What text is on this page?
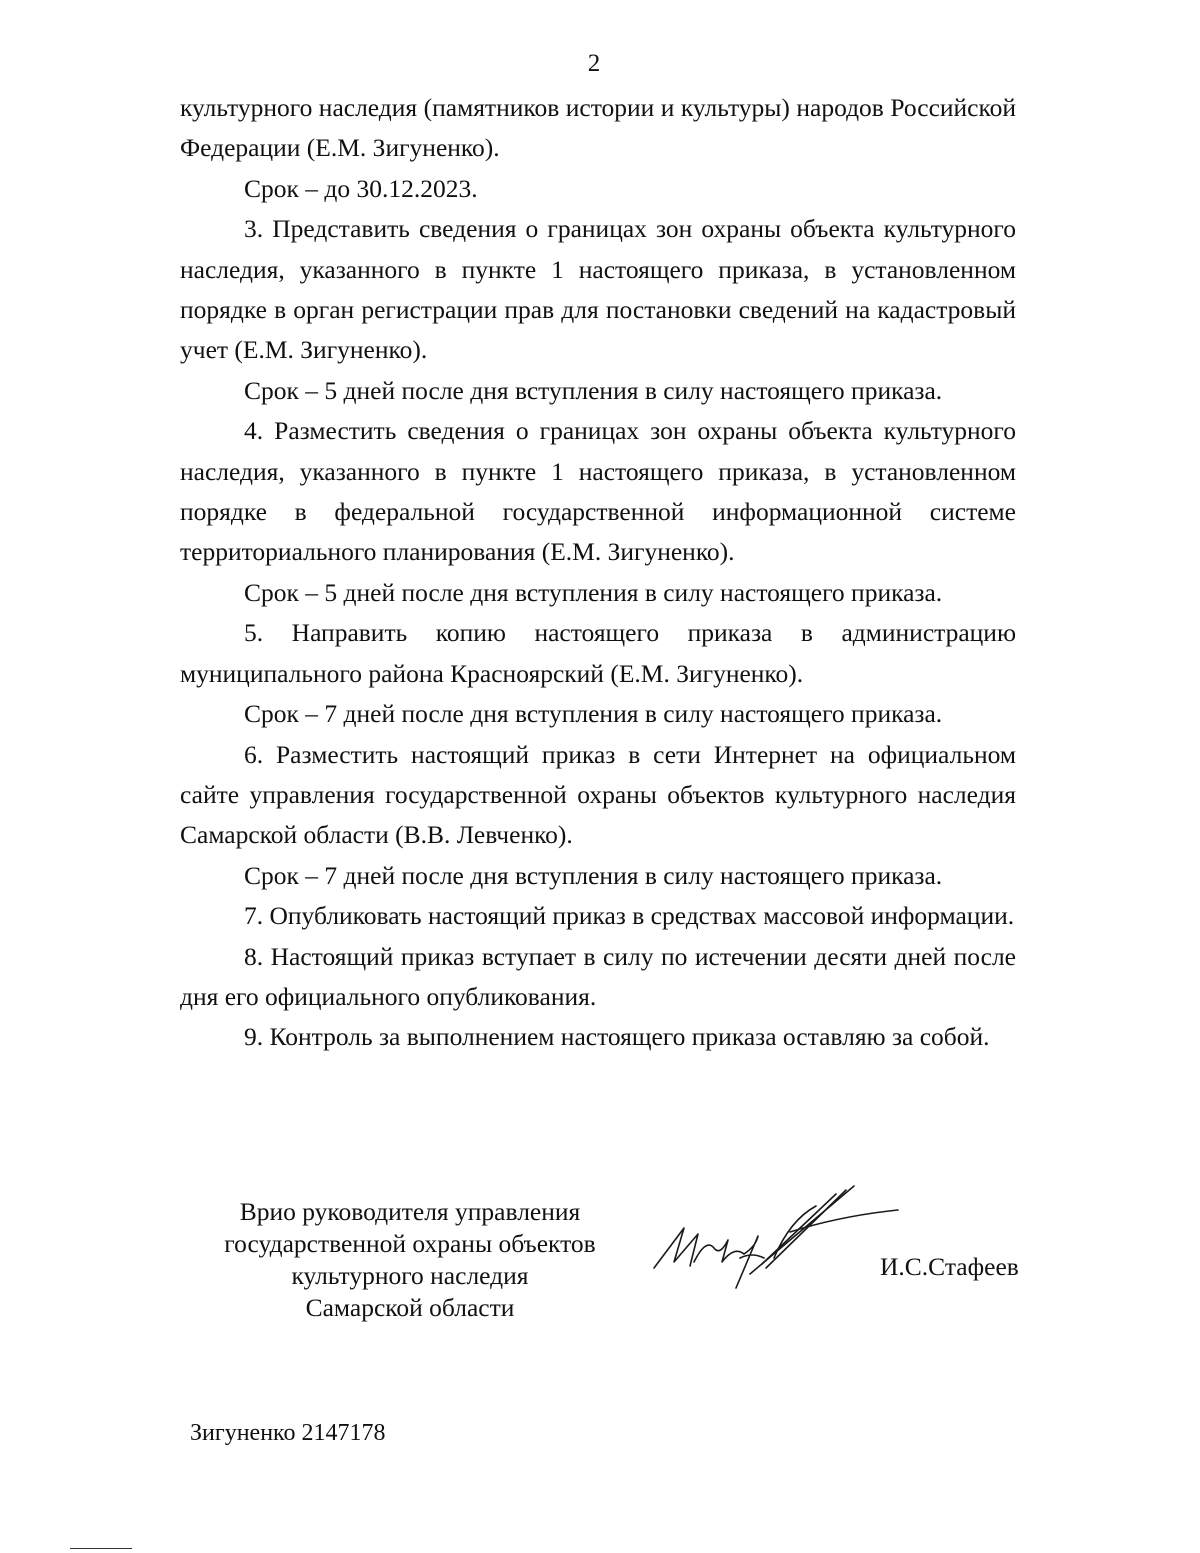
2

культурного наследия (памятников истории и культуры) народов Российской Федерации (Е.М. Зигуненко).

Срок – до 30.12.2023.

3. Представить сведения о границах зон охраны объекта культурного наследия, указанного в пункте 1 настоящего приказа, в установленном порядке в орган регистрации прав для постановки сведений на кадастровый учет (Е.М. Зигуненко).

Срок – 5 дней после дня вступления в силу настоящего приказа.

4. Разместить сведения о границах зон охраны объекта культурного наследия, указанного в пункте 1 настоящего приказа, в установленном порядке в федеральной государственной информационной системе территориального планирования (Е.М. Зигуненко).

Срок – 5 дней после дня вступления в силу настоящего приказа.

5. Направить копию настоящего приказа в администрацию муниципального района Красноярский (Е.М. Зигуненко).

Срок – 7 дней после дня вступления в силу настоящего приказа.

6. Разместить настоящий приказ в сети Интернет на официальном сайте управления государственной охраны объектов культурного наследия Самарской области (В.В. Левченко).

Срок – 7 дней после дня вступления в силу настоящего приказа.

7. Опубликовать настоящий приказ в средствах массовой информации.

8. Настоящий приказ вступает в силу по истечении десяти дней после дня его официального опубликования.

9. Контроль за выполнением настоящего приказа оставляю за собой.

Врио руководителя управления
государственной охраны объектов
культурного наследия
Самарской области
И.С.Стафеев
Зигуненко 2147178
